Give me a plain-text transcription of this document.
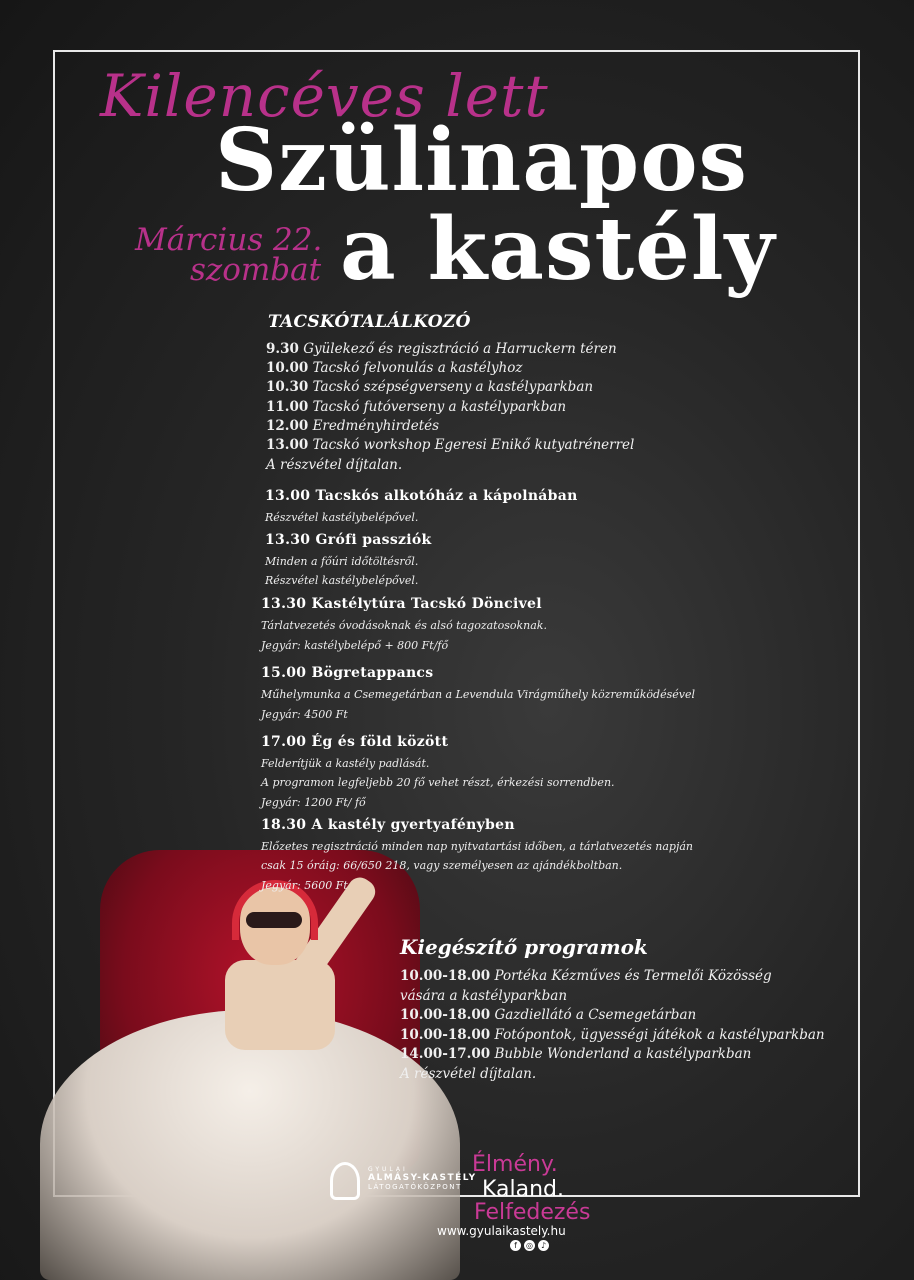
Kilencéves lett
Szülinapos
a kastély
Március 22.
szombat
TACSKÓTALÁLKOZÓ
9.30 Gyülekező és regisztráció a Harruckern téren
10.00 Tacskó felvonulás a kastélyhoz
10.30 Tacskó szépségverseny a kastélyparkban
11.00 Tacskó futóverseny a kastélyparkban
12.00 Eredményhirdetés
13.00 Tacskó workshop Egeresi Enikő kutyatrénerrel
A részvétel díjtalan.
13.00 Tacskós alkotóház a kápolnában
Részvétel kastélybelépővel.
13.30 Grófi passziók
Minden a főúri időtöltésről.
Részvétel kastélybelépővel.
13.30 Kastélytúra Tacskó Döncivel
Tárlatvezetés óvodásoknak és alsó tagozatosoknak.
Jegyár: kastélybelépő + 800 Ft/fő
15.00 Bögretappancs
Műhelymunka a Csemegetárban a Levendula Virágműhely közreműködésével
Jegyár: 4500 Ft
17.00 Ég és föld között
Felderítjük a kastély padlását.
A programon legfeljebb 20 fő vehet részt, érkezési sorrendben.
Jegyár: 1200 Ft/ fő
18.30 A kastély gyertyafényben
Előzetes regisztráció minden nap nyitvatartási időben, a tárlatvezetés napján
csak 15 óráig: 66/650 218, vagy személyesen az ajándékboltban.
Jegyár: 5600 Ft
Kiegészítő programok
10.00-18.00 Portéka Kézműves és Termelői Közösség
vására a kastélyparkban
10.00-18.00 Gazdiellátó a Csemegetárban
10.00-18.00 Fotópontok, ügyességi játékok a kastélyparkban
14.00-17.00 Bubble Wonderland a kastélyparkban
A részvétel díjtalan.
GYULAI
ALMÁSY-KASTÉLY
LÁTOGATÓKÖZPONT
Élmény.
Kaland.
Felfedezés
www.gyulaikastely.hu
f	◎ ♪
